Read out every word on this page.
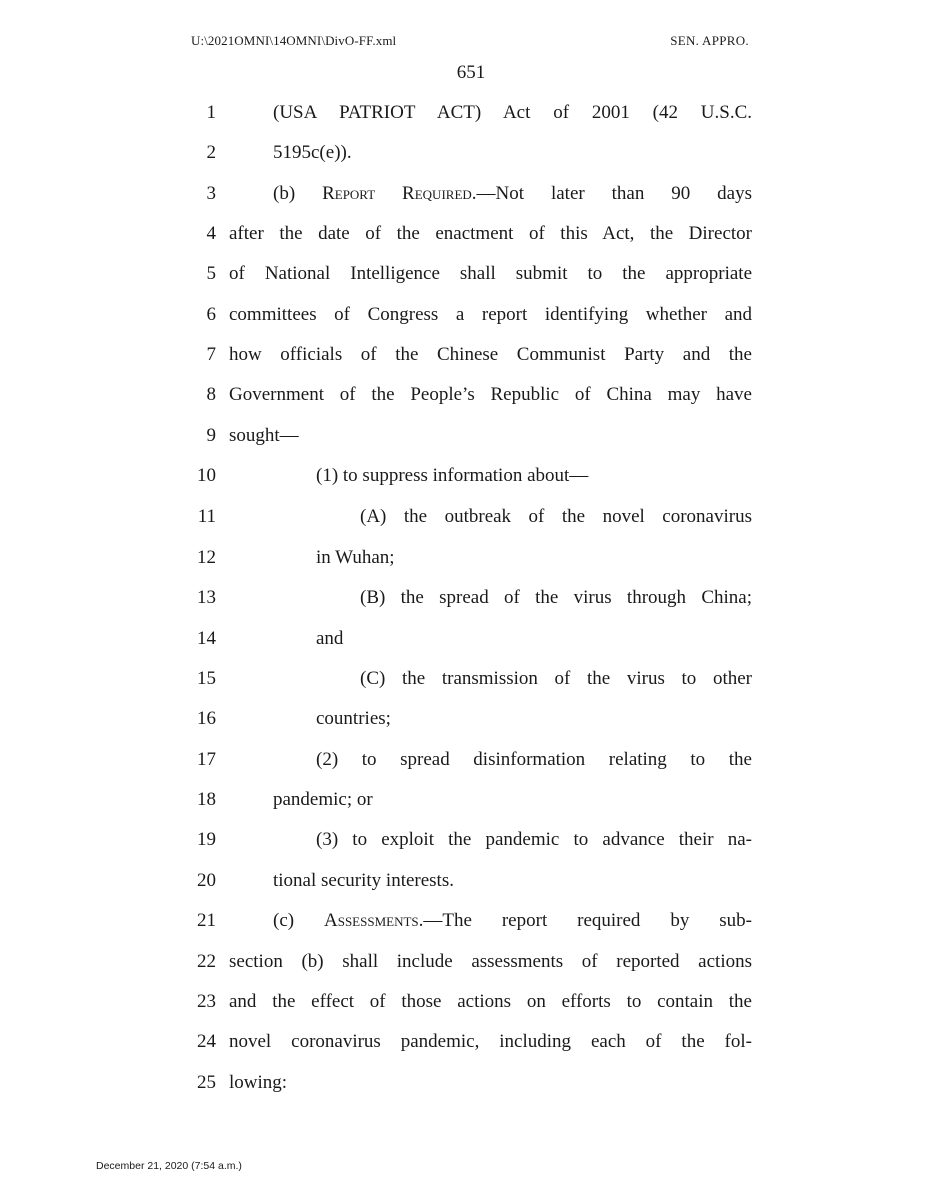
U:\2021OMNI\14OMNI\DivO-FF.xml	SEN. APPRO.
651
1	(USA PATRIOT ACT) Act of 2001 (42 U.S.C.
2	5195c(e)).
3	(b) Report Required.—Not later than 90 days
4 after the date of the enactment of this Act, the Director
5 of National Intelligence shall submit to the appropriate
6 committees of Congress a report identifying whether and
7 how officials of the Chinese Communist Party and the
8 Government of the People’s Republic of China may have
9 sought—
10	(1) to suppress information about—
11	(A) the outbreak of the novel coronavirus
12	in Wuhan;
13	(B) the spread of the virus through China;
14	and
15	(C) the transmission of the virus to other
16	countries;
17	(2) to spread disinformation relating to the
18	pandemic; or
19	(3) to exploit the pandemic to advance their na-
20	tional security interests.
21	(c) Assessments.—The report required by sub-
22 section (b) shall include assessments of reported actions
23 and the effect of those actions on efforts to contain the
24 novel coronavirus pandemic, including each of the fol-
25 lowing:
December 21, 2020 (7:54 a.m.)
